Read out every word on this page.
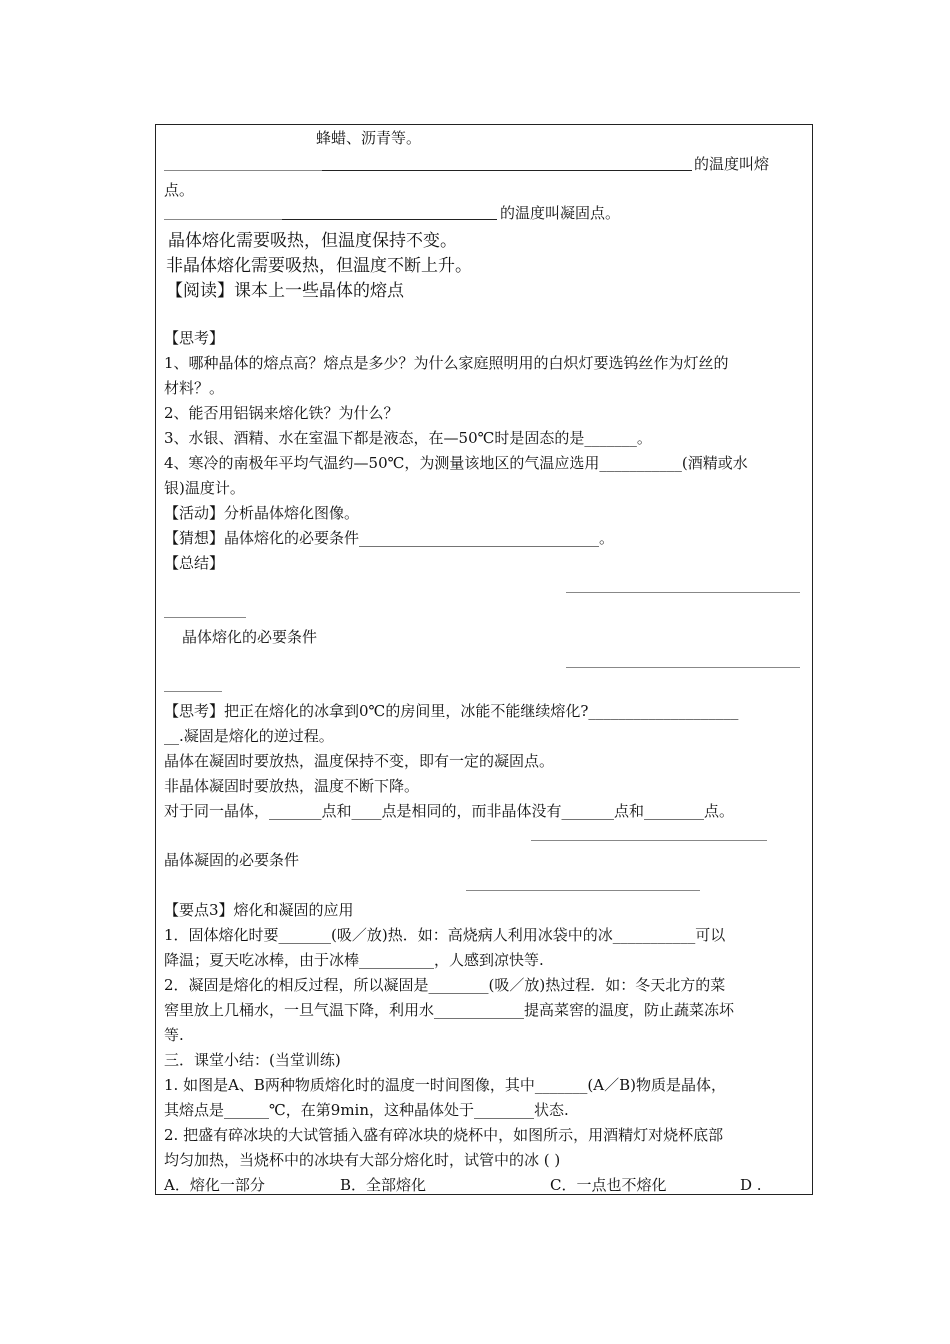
蜂蜡、沥青等。
的温度叫熔
点。
的温度叫凝固点。
晶体熔化需要吸热，但温度保持不变。
非晶体熔化需要吸热，但温度不断上升。
【阅读】课本上一些晶体的熔点
【思考】
1、哪种晶体的熔点高？熔点是多少？为什么家庭照明用的白炽灯要选钨丝作为灯丝的
材料？。
2、能否用铝锅来熔化铁？为什么？
3、水银、酒精、水在室温下都是液态，在—50℃时是固态的是_______。
4、寒冷的南极年平均气温约—50℃，为测量该地区的气温应选用___________(酒精或水
银)温度计。
【活动】分析晶体熔化图像。
【猜想】晶体熔化的必要条件________________________________。
【总结】
晶体熔化的必要条件
【思考】把正在熔化的冰拿到0℃的房间里，冰能不能继续熔化?____________________
__.凝固是熔化的逆过程。
晶体在凝固时要放热，温度保持不变，即有一定的凝固点。
非晶体凝固时要放热，温度不断下降。
对于同一晶体，_______点和____点是相同的，而非晶体没有_______点和________点。
晶体凝固的必要条件
【要点3】熔化和凝固的应用
1．固体熔化时要_______(吸／放)热．如：高烧病人利用冰袋中的冰___________可以
降温；夏天吃冰棒，由于冰棒__________，人感到凉快等.
2．凝固是熔化的相反过程，所以凝固是________(吸／放)热过程．如：冬天北方的菜
窖里放上几桶水，一旦气温下降，利用水____________提高菜窖的温度，防止蔬菜冻坏
等.
三．课堂小结：(当堂训练)
1. 如图是A、B两种物质熔化时的温度一时间图像，其中_______(A／B)物质是晶体，
其熔点是______℃，在第9min，这种晶体处于________状态.
2. 把盛有碎冰块的大试管插入盛有碎冰块的烧杯中，如图所示，用酒精灯对烧杯底部
均匀加热，当烧杯中的冰块有大部分熔化时，试管中的冰 ( )
A．熔化一部分	B．全部熔化	C．一点也不熔化	D .
